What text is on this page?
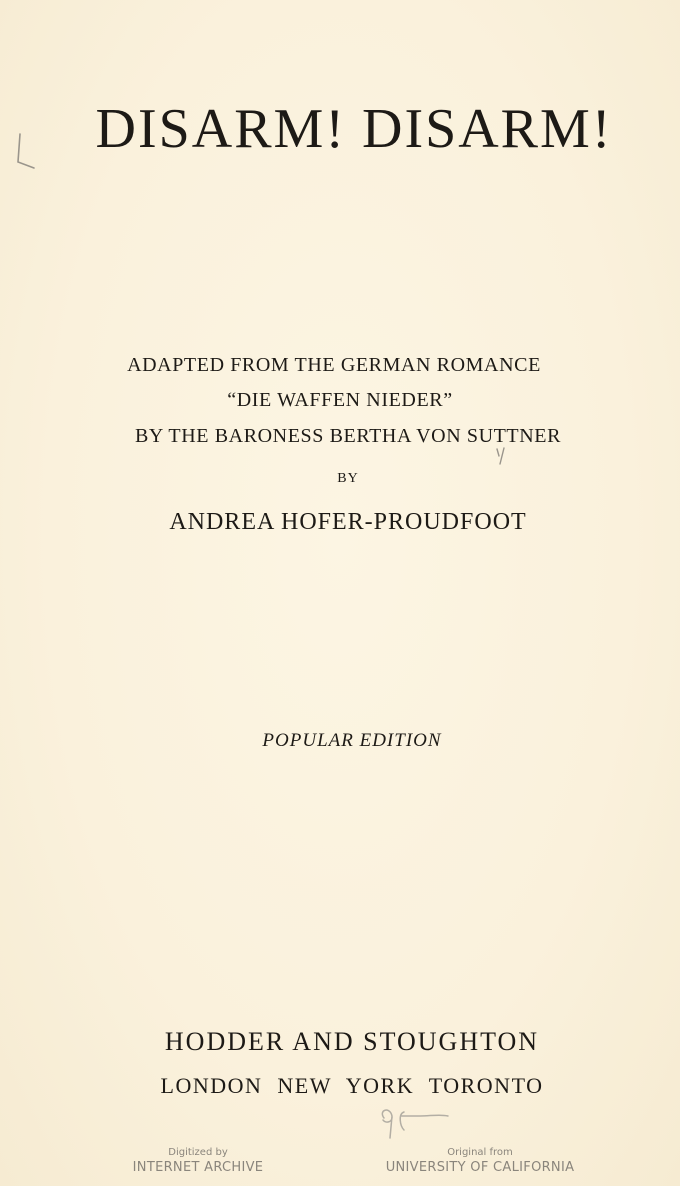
DISARM! DISARM!
ADAPTED FROM THE GERMAN ROMANCE
“DIE WAFFEN NIEDER”
BY THE BARONESS BERTHA VON SUTTNER
BY
ANDREA HOFER-PROUDFOOT
POPULAR EDITION
HODDER AND STOUGHTON
LONDON NEW YORK TORONTO
Digitized by
INTERNET ARCHIVE
Original from
UNIVERSITY OF CALIFORNIA
